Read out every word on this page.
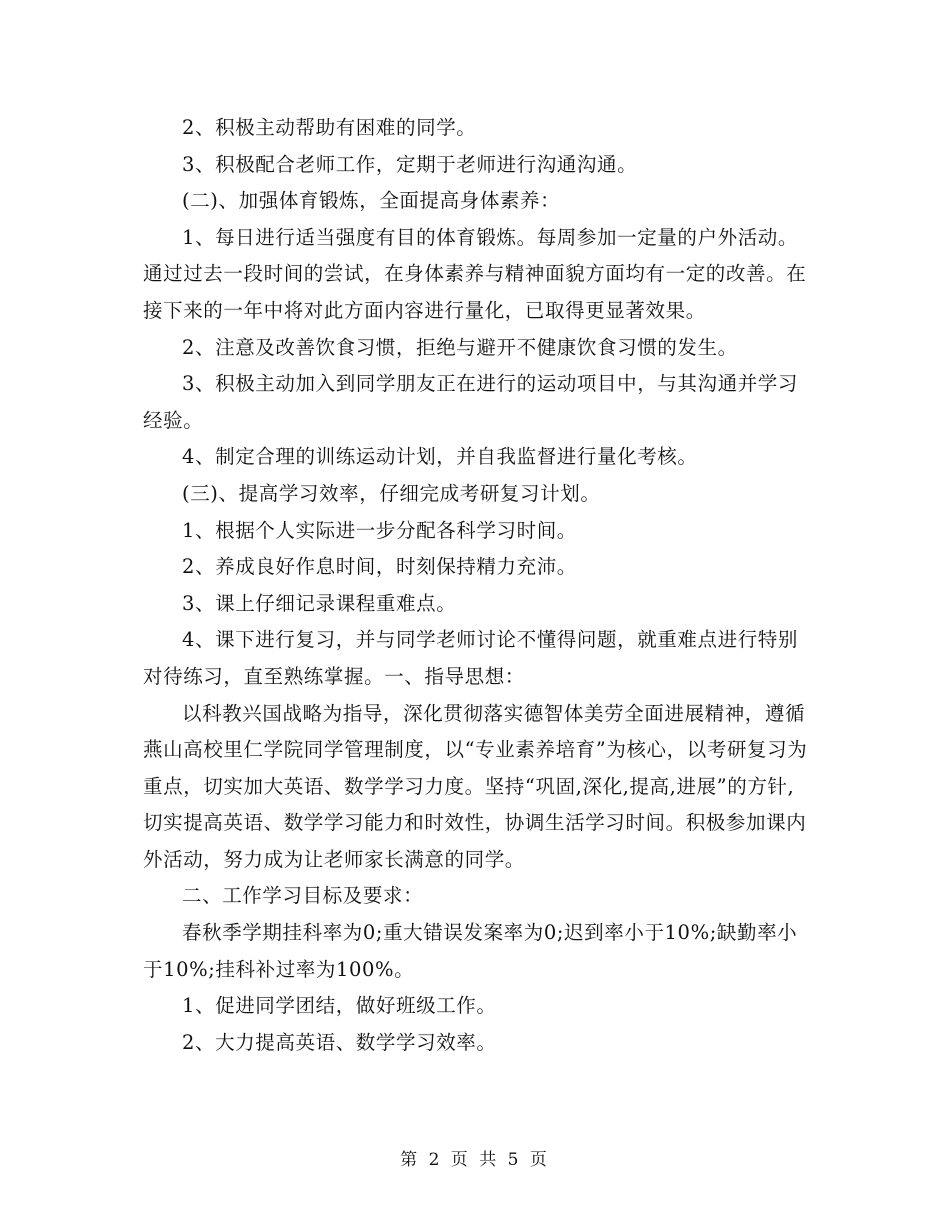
2、积极主动帮助有困难的同学。

3、积极配合老师工作，定期于老师进行沟通沟通。

(二)、加强体育锻炼，全面提高身体素养：

1、每日进行适当强度有目的体育锻炼。每周参加一定量的户外活动。通过过去一段时间的尝试，在身体素养与精神面貌方面均有一定的改善。在接下来的一年中将对此方面内容进行量化，已取得更显著效果。

2、注意及改善饮食习惯，拒绝与避开不健康饮食习惯的发生。

3、积极主动加入到同学朋友正在进行的运动项目中，与其沟通并学习经验。

4、制定合理的训练运动计划，并自我监督进行量化考核。

(三)、提高学习效率，仔细完成考研复习计划。

1、根据个人实际进一步分配各科学习时间。

2、养成良好作息时间，时刻保持精力充沛。

3、课上仔细记录课程重难点。

4、课下进行复习，并与同学老师讨论不懂得问题，就重难点进行特别对待练习，直至熟练掌握。一、指导思想：

以科教兴国战略为指导，深化贯彻落实德智体美劳全面进展精神，遵循燕山高校里仁学院同学管理制度，以“专业素养培育”为核心，以考研复习为重点，切实加大英语、数学学习力度。坚持“巩固,深化,提高,进展”的方针,切实提高英语、数学学习能力和时效性，协调生活学习时间。积极参加课内外活动，努力成为让老师家长满意的同学。

二、工作学习目标及要求：

春秋季学期挂科率为0;重大错误发案率为0;迟到率小于10%;缺勤率小于10%;挂科补过率为100%。

1、促进同学团结，做好班级工作。

2、大力提高英语、数学学习效率。

第 2 页 共 5 页
